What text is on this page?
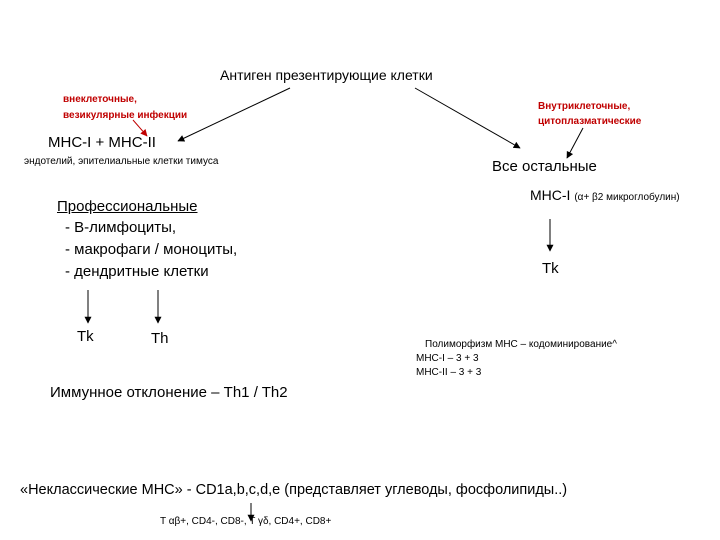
Антиген презентирующие клетки
внеклеточные,
везикулярные инфекции
Внутриклеточные,
цитоплазматические
MHC-I + MHC-II
эндотелий, эпителиальные клетки тимуса	Все остальные
MHC-I (α+ β2 микроглобулин)
Профессиональные
- В-лимфоциты,
- макрофаги / моноциты,
- дендритные клетки	Tk
Tk	Th	Полиморфизм MHC – кодоминирование^
MHC-I – 3 + 3
MHC-II – 3 + 3
Иммунное отклонение – Th1 / Th2
«Неклассические MHC» - CD1a,b,c,d,e (представляет углеводы, фосфолипиды..)
T αβ+, CD4-, CD8-, T γδ, CD4+, CD8+
